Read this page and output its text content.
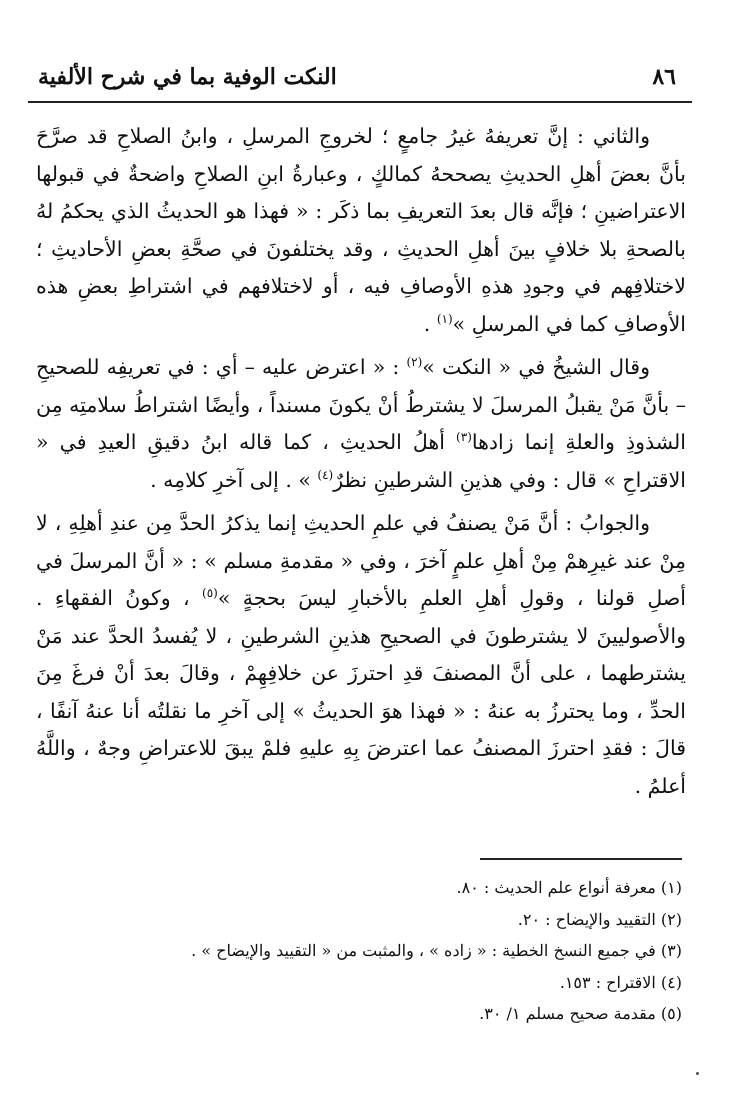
٨٦
النكت الوفية بما في شرح الألفية

والثاني : إنَّ تعريفهُ غيرُ جامعٍ ؛ لخروجِ المرسلِ ، وابنُ الصلاحِ قد صرَّحَ بأنَّ بعضَ أهلِ الحديثِ يصححهُ كمالكٍ ، وعبارةُ ابنِ الصلاحِ واضحةٌ في قبولها الاعتراضينِ ؛ فإنَّه قال بعدَ التعريفِ بما ذكَر : « فهذا هو الحديثُ الذي يحكمُ لهُ بالصحةِ بلا خلافٍ بينَ أهلِ الحديثِ ، وقد يختلفونَ في صحَّةِ بعضِ الأحاديثِ ؛ لاختلافِهم في وجودِ هذهِ الأوصافِ فيه ، أو لاختلافهم في اشتراطِ بعضِ هذه الأوصافِ كما في المرسلِ »$^{(١)}$ .

وقال الشيخُ في « النكت »$^{(٢)}$ : « اعترض عليه – أي : في تعريفِه للصحيحِ – بأنَّ مَنْ يقبلُ المرسلَ لا يشترطُ أنْ يكونَ مسنداً ، وأيضًا اشتراطُ سلامتِه مِن الشذوذِ والعلةِ إنما زادها$^{(٣)}$ أهلُ الحديثِ ، كما قاله ابنُ دقيقِ العيدِ في « الاقتراحِ » قال : وفي هذينِ الشرطينِ نظرٌ$^{(٤)}$ » . إلى آخرِ كلامِه .

والجوابُ : أنَّ مَنْ يصنفُ في علمِ الحديثِ إنما يذكرُ الحدَّ مِن عندِ أهلِهِ ، لا مِنْ عند غيرِهمْ مِنْ أهلِ علمٍ آخرَ ، وفي « مقدمةِ مسلم » : « أنَّ المرسلَ في أصلِ قولنا ، وقولِ أهلِ العلمِ بالأخبارِ ليسَ بحجةٍ »$^{(٥)}$ ، وكونُ الفقهاءِ . والأصوليينَ لا يشترطونَ في الصحيحِ هذينِ الشرطينِ ، لا يُفسدُ الحدَّ عند مَنْ يشترطهما ، على أنَّ المصنفَ قدِ احترزَ عن خلافِهِمْ ، وقالَ بعدَ أنْ فرغَ مِنَ الحدِّ ، وما يحترزُ به عنهُ : « فهذا هوَ الحديثُ » إلى آخرِ ما نقلتُه أنا عنهُ آنفًا ، قالَ : فقدِ احترزَ المصنفُ عما اعترضَ بِهِ عليهِ فلمْ يبقَ للاعتراضِ وجهٌ ، واللَّهُ أعلمُ .

(١) معرفة أنواع علم الحديث : ٨٠.
(٢) التقييد والإيضاح : ٢٠.
(٣) في جميع النسخ الخطية : « زاده » ، والمثبت من « التقييد والإيضاح » .
(٤) الاقتراح : ١٥٣.
(٥) مقدمة صحيح مسلم ١/ ٣٠.
